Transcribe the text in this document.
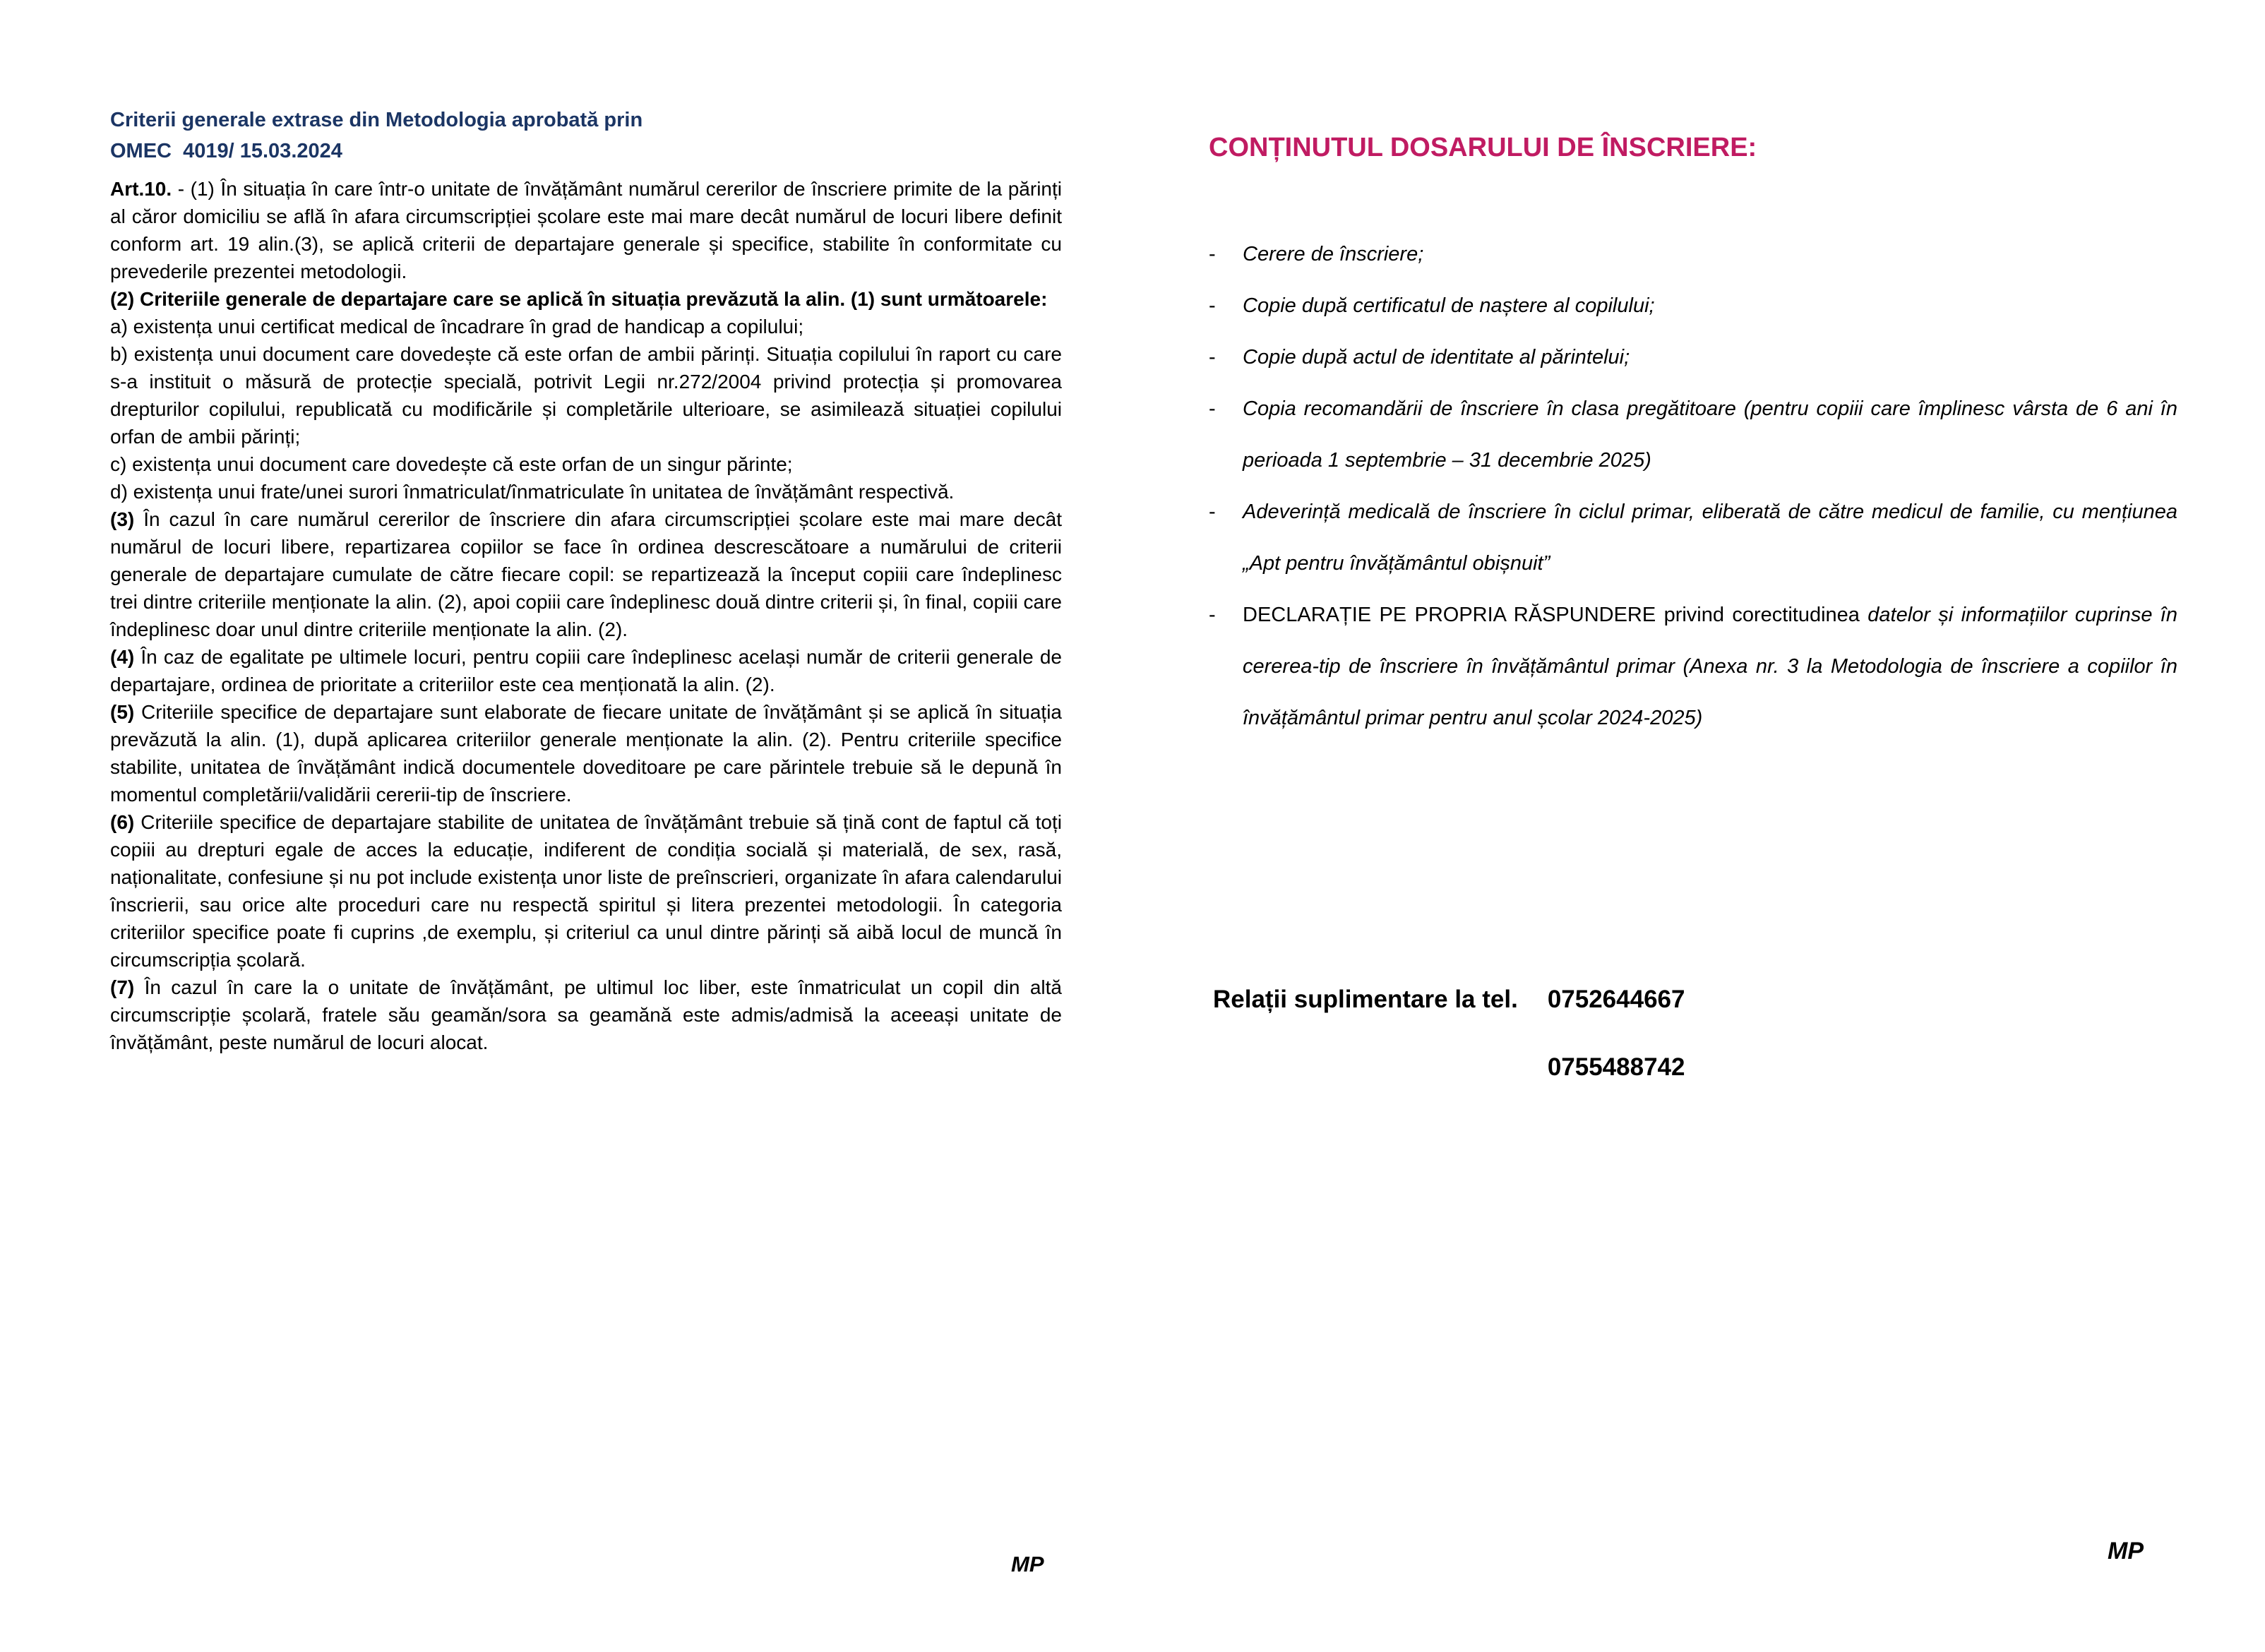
Criterii generale extrase din Metodologia aprobată prin
OMEC  4019/ 15.03.2024

Art.10. - (1) În situația în care într-o unitate de învățământ numărul cererilor de înscriere primite de la părinți al căror domiciliu se află în afara circumscripției școlare este mai mare decât numărul de locuri libere definit conform art. 19 alin.(3), se aplică criterii de departajare generale și specifice, stabilite în conformitate cu prevederile prezentei metodologii.

(2) Criteriile generale de departajare care se aplică în situația prevăzută la alin. (1) sunt următoarele:

a) existența unui certificat medical de încadrare în grad de handicap a copilului;

b) existența unui document care dovedește că este orfan de ambii părinți. Situația copilului în raport cu care s-a instituit o măsură de protecție specială, potrivit Legii nr.272/2004 privind protecția și promovarea drepturilor copilului, republicată cu modificările și completările ulterioare, se asimilează situației copilului orfan de ambii părinți;

c) existența unui document care dovedește că este orfan de un singur părinte;

d) existența unui frate/unei surori înmatriculat/înmatriculate în unitatea de învățământ respectivă.

(3) În cazul în care numărul cererilor de înscriere din afara circumscripției școlare este mai mare decât numărul de locuri libere, repartizarea copiilor se face în ordinea descrescătoare a numărului de criterii generale de departajare cumulate de către fiecare copil: se repartizează la început copiii care îndeplinesc trei dintre criteriile menționate la alin. (2), apoi copiii care îndeplinesc două dintre criterii și, în final, copiii care îndeplinesc doar unul dintre criteriile menționate la alin. (2).

(4) În caz de egalitate pe ultimele locuri, pentru copiii care îndeplinesc același număr de criterii generale de departajare, ordinea de prioritate a criteriilor este cea menționată la alin. (2).

(5) Criteriile specifice de departajare sunt elaborate de fiecare unitate de învățământ și se aplică în situația prevăzută la alin. (1), după aplicarea criteriilor generale menționate la alin. (2). Pentru criteriile specifice stabilite, unitatea de învățământ indică documentele doveditoare pe care părintele trebuie să le depună în momentul completării/validării cererii-tip de înscriere.

(6) Criteriile specifice de departajare stabilite de unitatea de învățământ trebuie să țină cont de faptul că toți copiii au drepturi egale de acces la educație, indiferent de condiția socială și materială, de sex, rasă, naționalitate, confesiune și nu pot include existența unor liste de preînscrieri, organizate în afara calendarului înscrierii, sau orice alte proceduri care nu respectă spiritul și litera prezentei metodologii. În categoria criteriilor specifice poate fi cuprins ,de exemplu, și criteriul ca unul dintre părinți să aibă locul de muncă în circumscripția școlară.

(7) În cazul în care la o unitate de învățământ, pe ultimul loc liber, este înmatriculat un copil din altă circumscripție școlară, fratele său geamăn/sora sa geamănă este admis/admisă la aceeași unitate de învățământ, peste numărul de locuri alocat.

CONȚINUTUL DOSARULUI DE ÎNSCRIERE:
-	Cerere de înscriere;
-	Copie după certificatul de naștere al copilului;
-	Copie după actul de identitate al părintelui;
-	Copia recomandării de înscriere în clasa pregătitoare (pentru copiii care împlinesc vârsta de 6 ani în perioada 1 septembrie – 31 decembrie 2025)
-	Adeverință medicală de înscriere în ciclul primar, eliberată de către medicul de familie, cu mențiunea „Apt pentru învățământul obișnuit”
-	DECLARAȚIE PE PROPRIA RĂSPUNDERE privind corectitudinea datelor și informațiilor cuprinse în cererea-tip de înscriere în învățământul primar (Anexa nr. 3 la Metodologia de înscriere a copiilor în învățământul primar pentru anul școlar 2024-2025)
Relații suplimentare la tel. 0752644667
0755488742
MP	MP
